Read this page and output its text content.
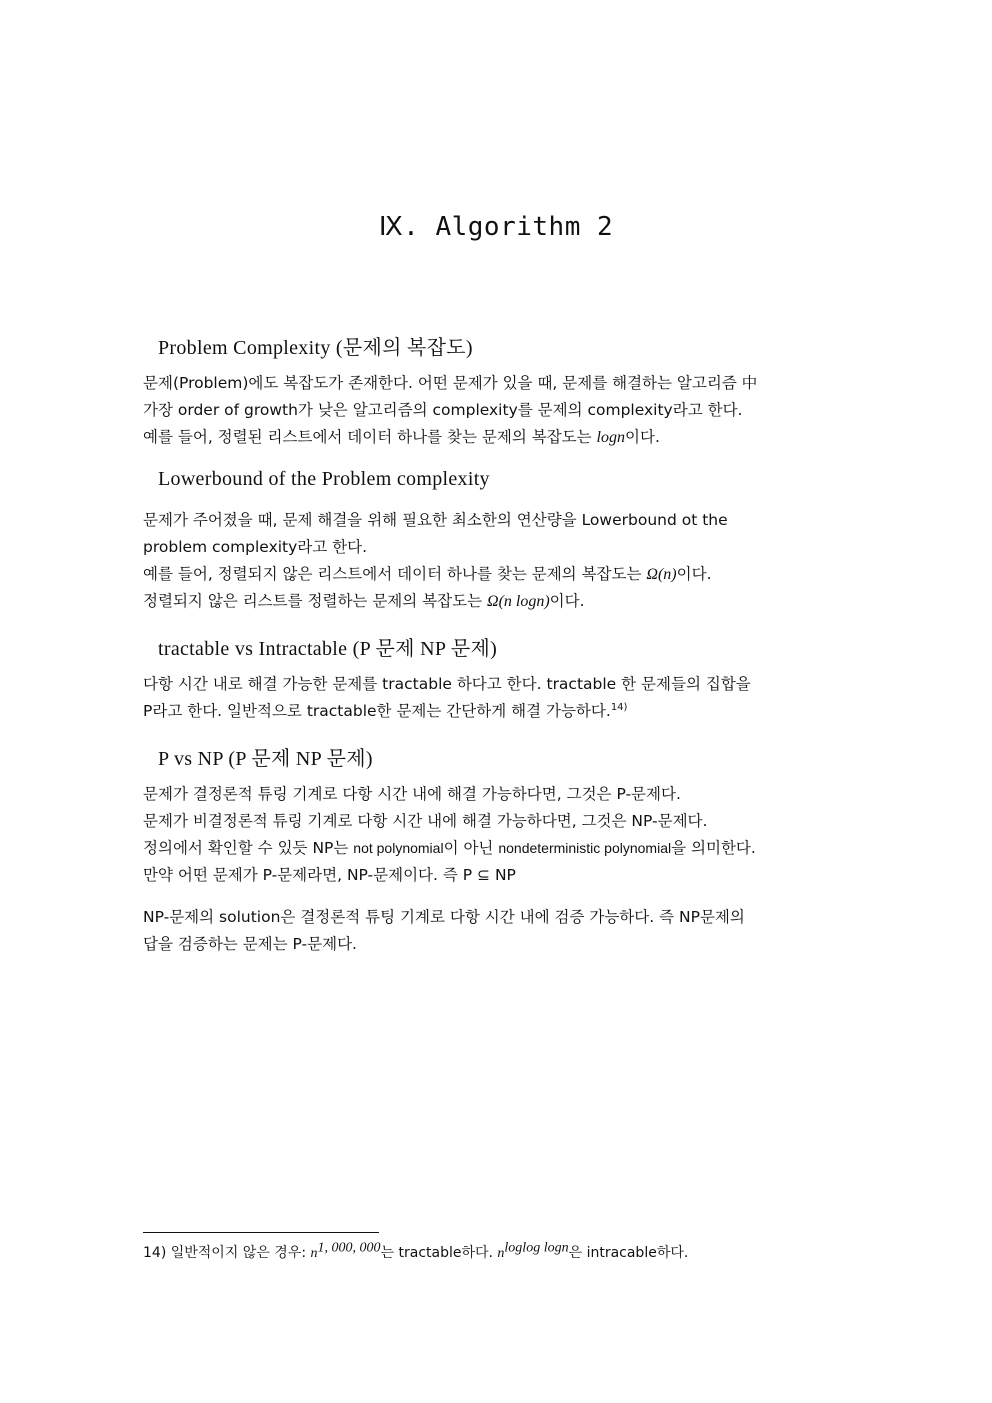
Ⅸ. Algorithm 2
Problem Complexity (문제의 복잡도)
문제(Problem)에도 복잡도가 존재한다. 어떤 문제가 있을 때, 문제를 해결하는 알고리즘 中
가장 order of growth가 낮은 알고리즘의 complexity를 문제의 complexity라고 한다.
예를 들어, 정렬된 리스트에서 데이터 하나를 찾는 문제의 복잡도는 logn이다.
Lowerbound of the Problem complexity
문제가 주어졌을 때, 문제 해결을 위해 필요한 최소한의 연산량을 Lowerbound ot the
problem complexity라고 한다.
예를 들어, 정렬되지 않은 리스트에서 데이터 하나를 찾는 문제의 복잡도는 Ω(n)이다.
정렬되지 않은 리스트를 정렬하는 문제의 복잡도는 Ω(n logn)이다.
tractable vs Intractable (P 문제 NP 문제)
다항 시간 내로 해결 가능한 문제를 tractable 하다고 한다. tractable 한 문제들의 집합을
P라고 한다. 일반적으로 tractable한 문제는 간단하게 해결 가능하다.$^{14)}$
P vs NP (P 문제 NP 문제)
문제가 결정론적 튜링 기계로 다항 시간 내에 해결 가능하다면, 그것은 P-문제다.
문제가 비결정론적 튜링 기계로 다항 시간 내에 해결 가능하다면, 그것은 NP-문제다.
정의에서 확인할 수 있듯 NP는 not polynomial이 아닌 nondeterministic polynomial을 의미한다.
만약 어떤 문제가 P-문제라면, NP-문제이다. 즉 P ⊆ NP
NP-문제의 solution은 결정론적 튜팅 기계로 다항 시간 내에 검증 가능하다. 즉 NP문제의
답을 검증하는 문제는 P-문제다.
14) 일반적이지 않은 경우: $n^{1, 000, 000}$는 tractable하다. $n^{loglog logn}$은 intracable하다.
